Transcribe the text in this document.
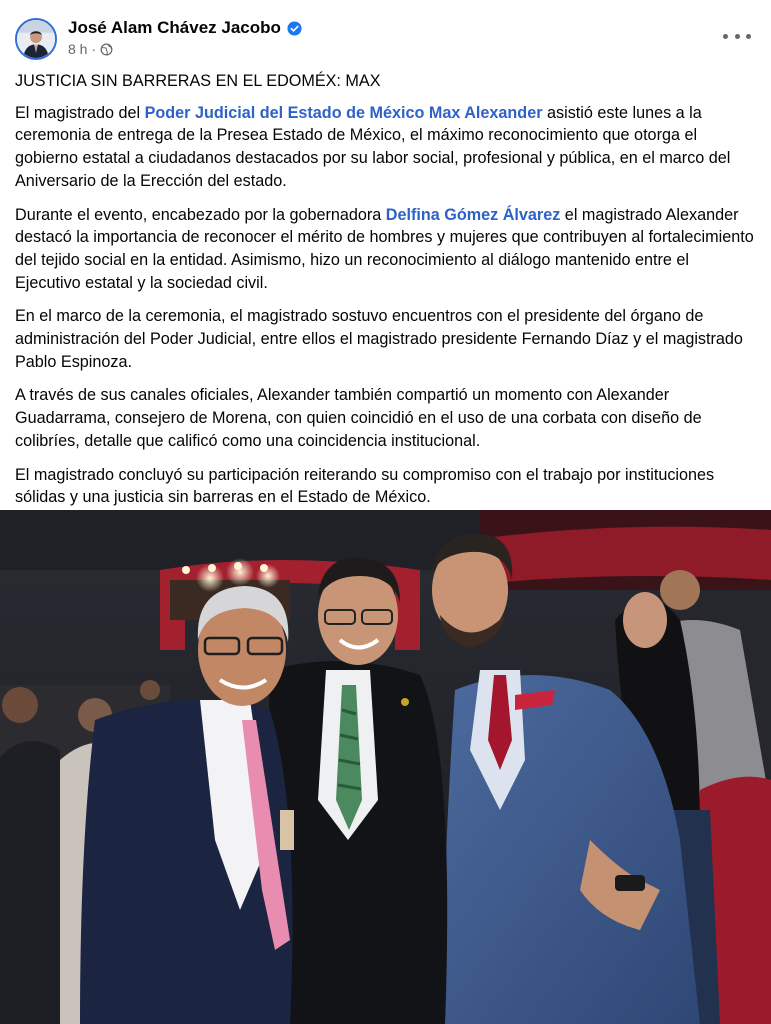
José Alam Chávez Jacobo
8 h ·

JUSTICIA SIN BARRERAS EN EL EDOMÉX: MAX

El magistrado del Poder Judicial del Estado de México Max Alexander asistió este lunes a la ceremonia de entrega de la Presea Estado de México, el máximo reconocimiento que otorga el gobierno estatal a ciudadanos destacados por su labor social, profesional y pública, en el marco del Aniversario de la Erección del estado.

Durante el evento, encabezado por la gobernadora Delfina Gómez Álvarez el magistrado Alexander destacó la importancia de reconocer el mérito de hombres y mujeres que contribuyen al fortalecimiento del tejido social en la entidad. Asimismo, hizo un reconocimiento al diálogo mantenido entre el Ejecutivo estatal y la sociedad civil.

En el marco de la ceremonia, el magistrado sostuvo encuentros con el presidente del órgano de administración del Poder Judicial, entre ellos el magistrado presidente Fernando Díaz y el magistrado Pablo Espinoza.

A través de sus canales oficiales, Alexander también compartió un momento con Alexander Guadarrama, consejero de Morena, con quien coincidió en el uso de una corbata con diseño de colibríes, detalle que calificó como una coincidencia institucional.

El magistrado concluyó su participación reiterando su compromiso con el trabajo por instituciones sólidas y una justicia sin barreras en el Estado de México.
